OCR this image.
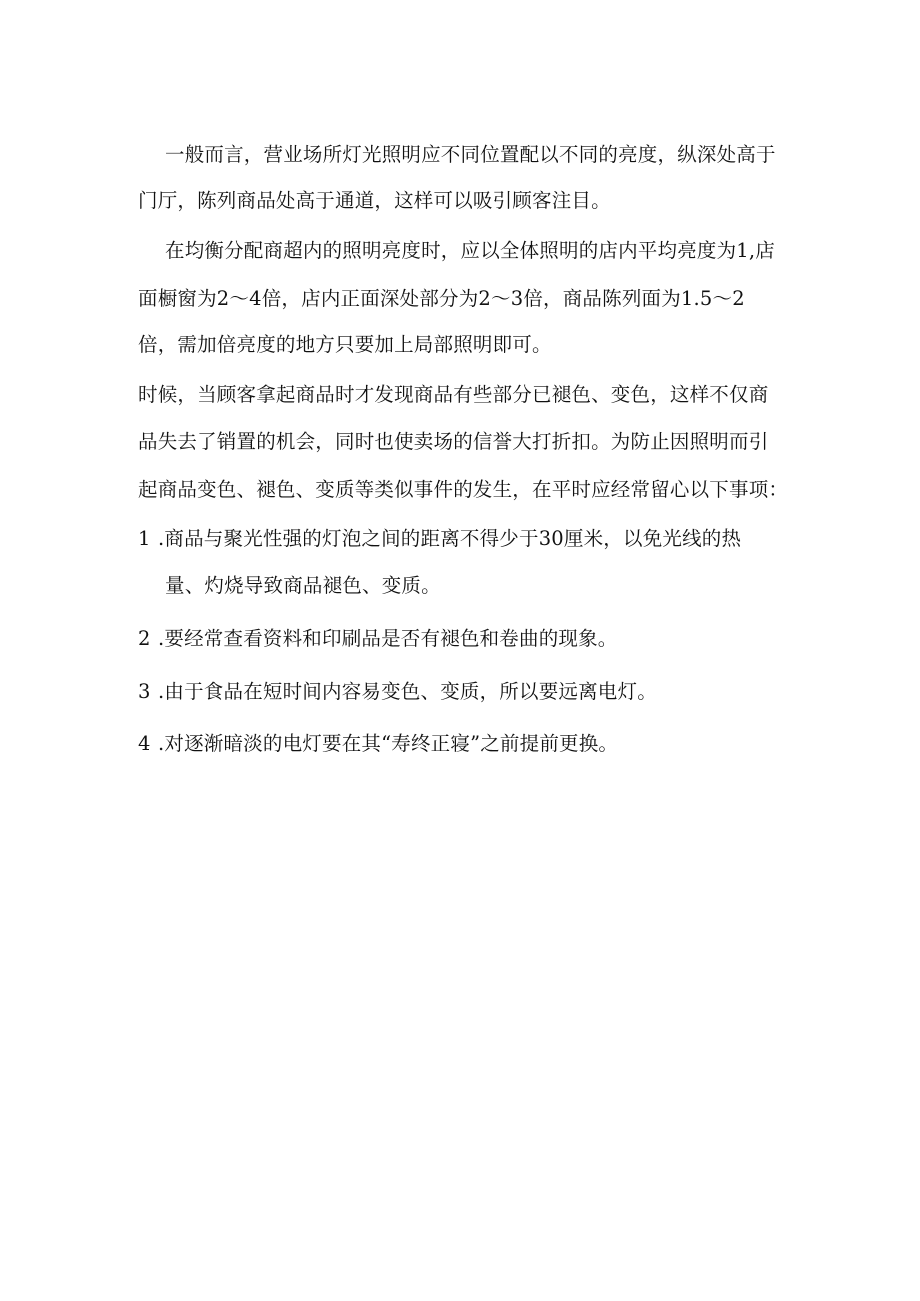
一般而言，营业场所灯光照明应不同位置配以不同的亮度，纵深处高于
门厅，陈列商品处高于通道，这样可以吸引顾客注目。
在均衡分配商超内的照明亮度时，应以全体照明的店内平均亮度为1,店
面橱窗为2～4倍，店内正面深处部分为2～3倍，商品陈列面为1.5～2
倍，需加倍亮度的地方只要加上局部照明即可。
时候，当顾客拿起商品时才发现商品有些部分已褪色、变色，这样不仅商
品失去了销置的机会，同时也使卖场的信誉大打折扣。为防止因照明而引
起商品变色、褪色、变质等类似事件的发生，在平时应经常留心以下事项：
1 .商品与聚光性强的灯泡之间的距离不得少于30厘米，以免光线的热
量、灼烧导致商品褪色、变质。
2 .要经常查看资料和印刷品是否有褪色和卷曲的现象。
3 .由于食品在短时间内容易变色、变质，所以要远离电灯。
4 .对逐渐暗淡的电灯要在其“寿终正寝”之前提前更换。
